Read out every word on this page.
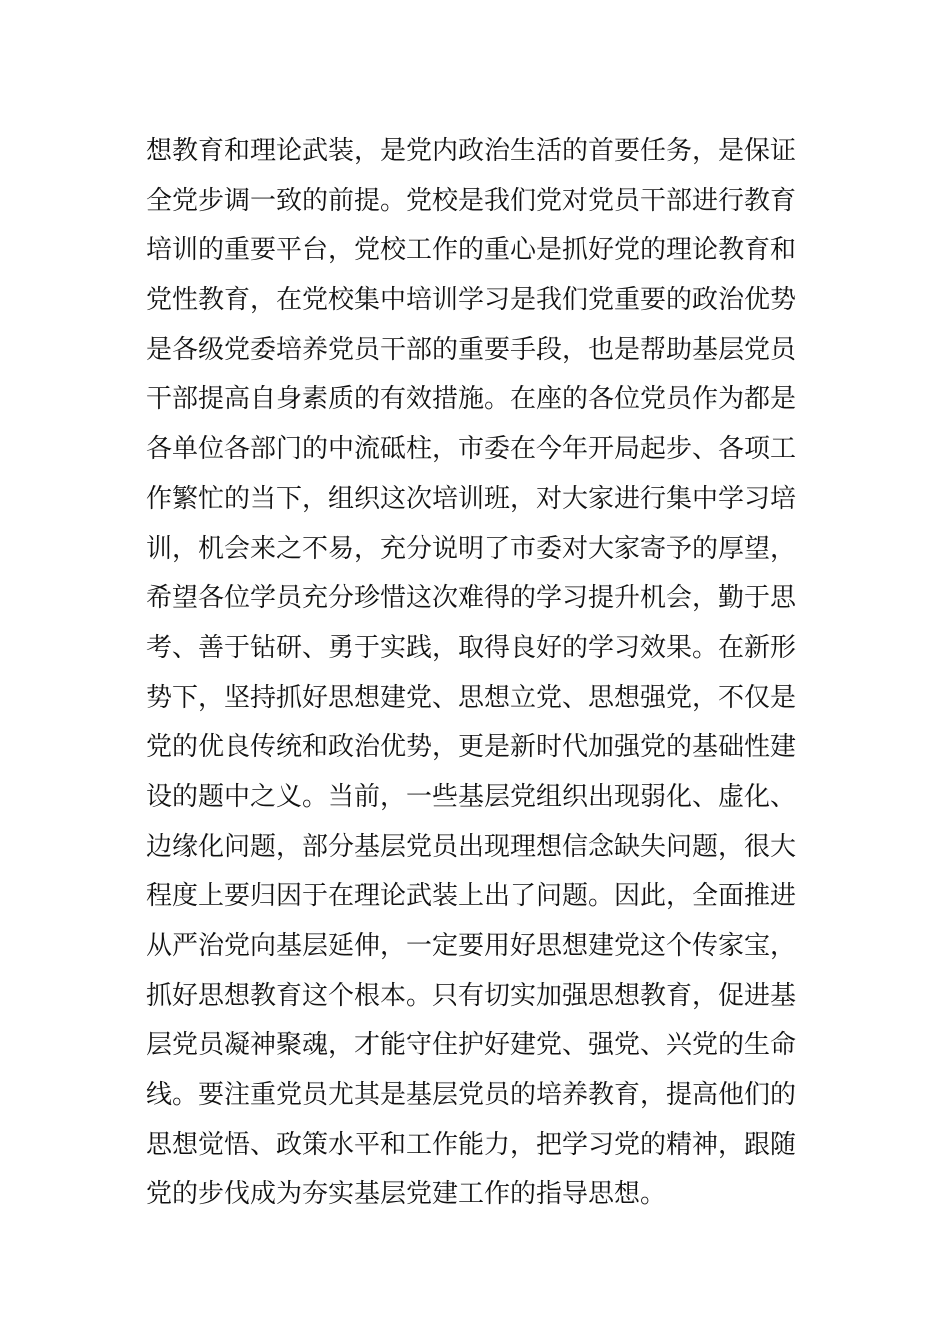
想教育和理论武装，是党内政治生活的首要任务，是保证
全党步调一致的前提。党校是我们党对党员干部进行教育
培训的重要平台，党校工作的重心是抓好党的理论教育和
党性教育，在党校集中培训学习是我们党重要的政治优势
是各级党委培养党员干部的重要手段，也是帮助基层党员
干部提高自身素质的有效措施。在座的各位党员作为都是
各单位各部门的中流砥柱，市委在今年开局起步、各项工
作繁忙的当下，组织这次培训班，对大家进行集中学习培
训，机会来之不易，充分说明了市委对大家寄予的厚望，
希望各位学员充分珍惜这次难得的学习提升机会，勤于思
考、善于钻研、勇于实践，取得良好的学习效果。在新形
势下，坚持抓好思想建党、思想立党、思想强党，不仅是
党的优良传统和政治优势，更是新时代加强党的基础性建
设的题中之义。当前，一些基层党组织出现弱化、虚化、
边缘化问题，部分基层党员出现理想信念缺失问题，很大
程度上要归因于在理论武装上出了问题。因此，全面推进
从严治党向基层延伸，一定要用好思想建党这个传家宝，
抓好思想教育这个根本。只有切实加强思想教育，促进基
层党员凝神聚魂，才能守住护好建党、强党、兴党的生命
线。要注重党员尤其是基层党员的培养教育，提高他们的
思想觉悟、政策水平和工作能力，把学习党的精神，跟随
党的步伐成为夯实基层党建工作的指导思想。
